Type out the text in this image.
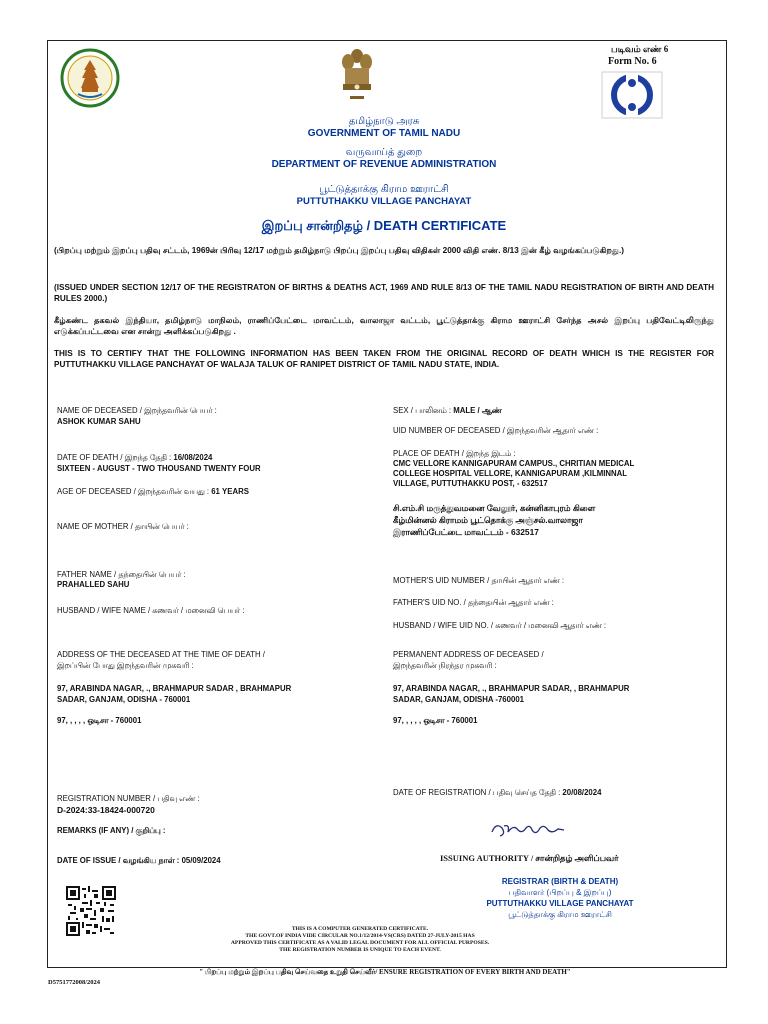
படிவம் எண் 6
Form No. 6
தமிழ்நாடு அரசு
GOVERNMENT OF TAMIL NADU
வருவாய்த் துறை
DEPARTMENT OF REVENUE ADMINISTRATION
பூட்டுத்தாக்கு கிராம ஊராட்சி
PUTTUTHAKKU VILLAGE PANCHAYAT
இறப்பு சான்றிதழ் / DEATH CERTIFICATE
(பிறப்பு மற்றும் இறப்பு பதிவு சட்டம், 1969ன் பிரிவு 12/17 மற்றும் தமிழ்நாடு பிறப்பு இறப்பு பதிவு விதிகள் 2000 விதி எண். 8/13 இன் கீழ் வழங்கப்படுகிறது.)
(ISSUED UNDER SECTION 12/17 OF THE REGISTRATON OF BIRTHS & DEATHS ACT, 1969 AND RULE 8/13 OF THE TAMIL NADU REGISTRATION OF BIRTH AND DEATH RULES 2000.)
கீழ்கண்ட தகவல் இந்தியா, தமிழ்நாடு மாநிலம், ராணிப்பேட்டை மாவட்டம், வாலாஜா வட்டம், பூட்டுத்தாக்கு கிராம ஊராட்சி சேர்ந்த அசல் இறப்பு பதிவேட்டிலிருந்து எடுக்கப்பட்டவை என சான்று அளிக்கப்படுகிறது .
THIS IS TO CERTIFY THAT THE FOLLOWING INFORMATION HAS BEEN TAKEN FROM THE ORIGINAL RECORD OF DEATH WHICH IS THE REGISTER FOR PUTTUTHAKKU VILLAGE PANCHAYAT OF WALAJA TALUK OF RANIPET DISTRICT OF TAMIL NADU STATE, INDIA.
NAME OF DECEASED / இறந்தவரின் பெயர் :
ASHOK KUMAR SAHU
DATE OF DEATH / இறந்த தேதி : 16/08/2024
SIXTEEN - AUGUST - TWO THOUSAND TWENTY FOUR
AGE OF DECEASED / இறந்தவரின் வயது : 61 YEARS
NAME OF MOTHER / தாயின் பெயர் :
FATHER NAME / தந்தையின் பெயர் :
PRAHALLED SAHU
HUSBAND / WIFE NAME / கணவர் / மனைவி பெயர் :
ADDRESS OF THE DECEASED AT THE TIME OF DEATH /
இறப்பின் போது இறந்தவரின் முகவரி :
97, ARABINDA NAGAR, ., BRAHMAPUR SADAR , BRAHMAPUR
SADAR, GANJAM, ODISHA - 760001
97, , , , , ஒடிசா - 760001
REGISTRATION NUMBER / பதிவு எண் :
D-2024:33-18424-000720
REMARKS (IF ANY) / குறிப்பு :
DATE OF ISSUE / வழங்கிய நாள் : 05/09/2024
SEX / பாலினம் : MALE / ஆண்
UID NUMBER OF DECEASED / இறந்தவரின் ஆதார் எண் :
PLACE OF DEATH / இறந்த இடம் :
CMC VELLORE KANNIGAPURAM CAMPUS., CHRITIAN MEDICAL
COLLEGE HOSPITAL VELLORE, KANNIGAPURAM ,KILMINNAL
VILLAGE, PUTTUTHAKKU POST, - 632517
சி.எம்.சி மருத்துவமனை வேலூர், கன்னிகாபுரம் கிளை
கீழ்மின்னல் கிராமம் பூட்தொக்கு அஞ்சல்.வாலாஜா
இராணிப்பேட்டை மாவட்டம் - 632517
MOTHER'S UID NUMBER / தாயின் ஆதார் எண் :
FATHER'S UID NO. / தந்தையின் ஆதார் எண் :
HUSBAND / WIFE UID NO. / கணவர் / மனைவி ஆதார் எண் :
PERMANENT ADDRESS OF DECEASED /
இறந்தவரின் நிரந்தர முகவரி :
97, ARABINDA NAGAR, ., BRAHMAPUR SADAR, , BRAHMAPUR
SADAR, GANJAM, ODISHA -760001
97, , , , , ஒடிசா - 760001
DATE OF REGISTRATION / பதிவு செய்த தேதி : 20/08/2024
ISSUING AUTHORITY / சான்றிதழ் அளிப்பவர்
REGISTRAR (BIRTH & DEATH)
பதிவாளர் (பிறப்பு & இறப்பு)
PUTTUTHAKKU VILLAGE PANCHAYAT
பூட்டுத்தாக்கு கிராம ஊராட்சி
THIS IS A COMPUTER GENERATED CERTIFICATE.
THE GOVT.OF INDIA VIDE CIRCULAR NO.1/12/2014-VS(CRS) DATED 27-JULY-2015 HAS
APPROVED THIS CERTIFICATE AS A VALID LEGAL DOCUMENT FOR ALL OFFICIAL PURPOSES.
THE REGISTRATION NUMBER IS UNIQUE TO EACH EVENT.
" பிறப்பு மற்றும் இறப்பு பதிவு செய்வதை உறுதி செய்வீர்/ ENSURE REGISTRATION OF EVERY BIRTH AND DEATH"
D5751772008/2024
